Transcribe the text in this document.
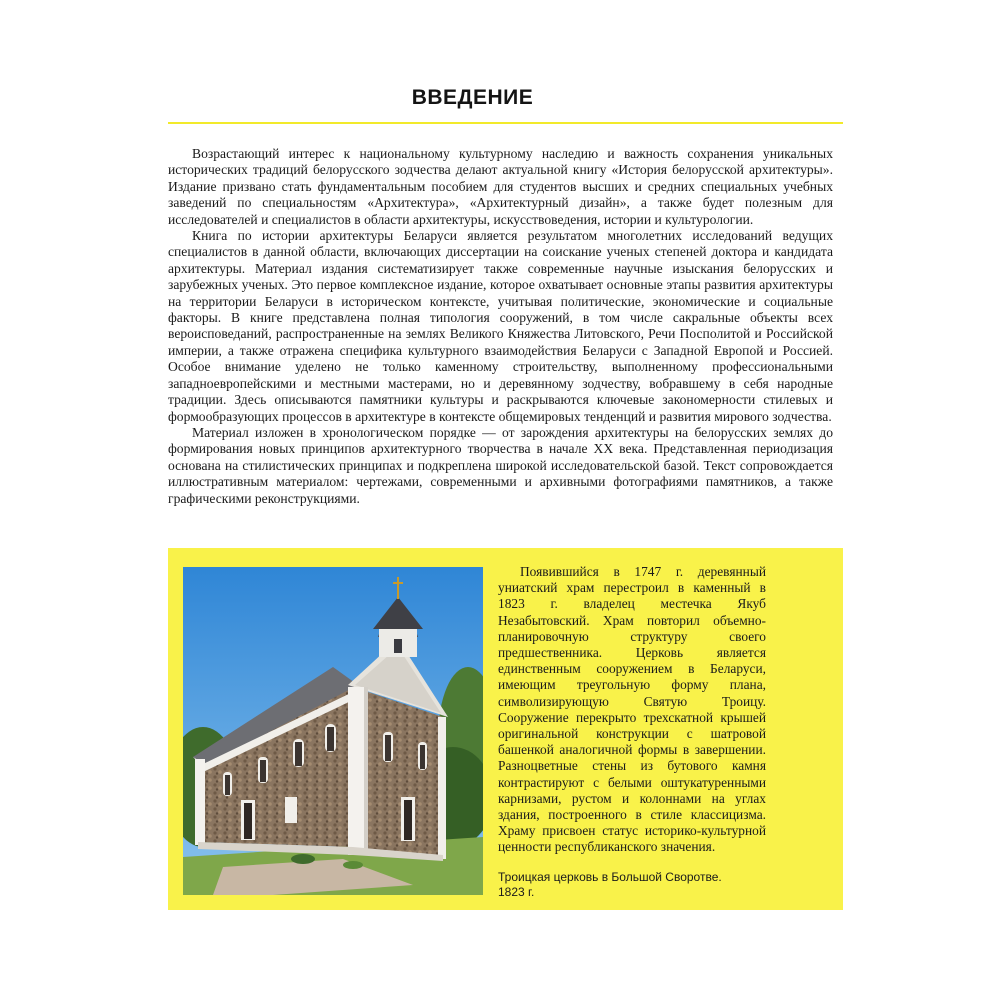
ВВЕДЕНИЕ

Возрастающий интерес к национальному культурному наследию и важность сохранения уникальных исторических традиций белорусского зодчества делают актуальной книгу «История белорусской архитектуры». Издание призвано стать фундаментальным пособием для студентов высших и средних специальных учебных заведений по специальностям «Архитектура», «Архитектурный дизайн», а также будет полезным для исследователей и специалистов в области архитектуры, искусствоведения, истории и культурологии.

Книга по истории архитектуры Беларуси является результатом многолетних исследований ведущих специалистов в данной области, включающих диссертации на соискание ученых степеней доктора и кандидата архитектуры. Материал издания систематизирует также современные научные изыскания белорусских и зарубежных ученых. Это первое комплексное издание, которое охватывает основные этапы развития архитектуры на территории Беларуси в историческом контексте, учитывая политические, экономические и социальные факторы. В книге представлена полная типология сооружений, в том числе сакральные объекты всех вероисповеданий, распространенные на землях Великого Княжества Литовского, Речи Посполитой и Российской империи, а также отражена специфика культурного взаимодействия Беларуси с Западной Европой и Россией. Особое внимание уделено не только каменному строительству, выполненному профессиональными западноевропейскими и местными мастерами, но и деревянному зодчеству, вобравшему в себя народные традиции. Здесь описываются памятники культуры и раскрываются ключевые закономерности стилевых и формообразующих процессов в архитектуре в контексте общемировых тенденций и развития мирового зодчества.

Материал изложен в хронологическом порядке — от зарождения архитектуры на белорусских землях до формирования новых принципов архитектурного творчества в начале XX века. Представленная периодизация основана на стилистических принципах и подкреплена широкой исследовательской базой. Текст сопровождается иллюстративным материалом: чертежами, современными и архивными фотографиями памятников, а также графическими реконструкциями.

Появившийся в 1747 г. деревянный униатский храм перестроил в каменный в 1823 г. владелец местечка Якуб Незабытовский. Храм повторил объемно-планировочную структуру своего предшественника. Церковь является единственным сооружением в Беларуси, имеющим треугольную форму плана, символизирующую Святую Троицу. Сооружение перекрыто трехскатной крышей оригинальной конструкции с шатровой башенкой аналогичной формы в завершении. Разноцветные стены из бутового камня контрастируют с белыми оштукатуренными карнизами, рустом и колоннами на углах здания, построенного в стиле классицизма. Храму присвоен статус историко-культурной ценности республиканского значения.

Троицкая церковь в Большой Своротве.
1823 г.
